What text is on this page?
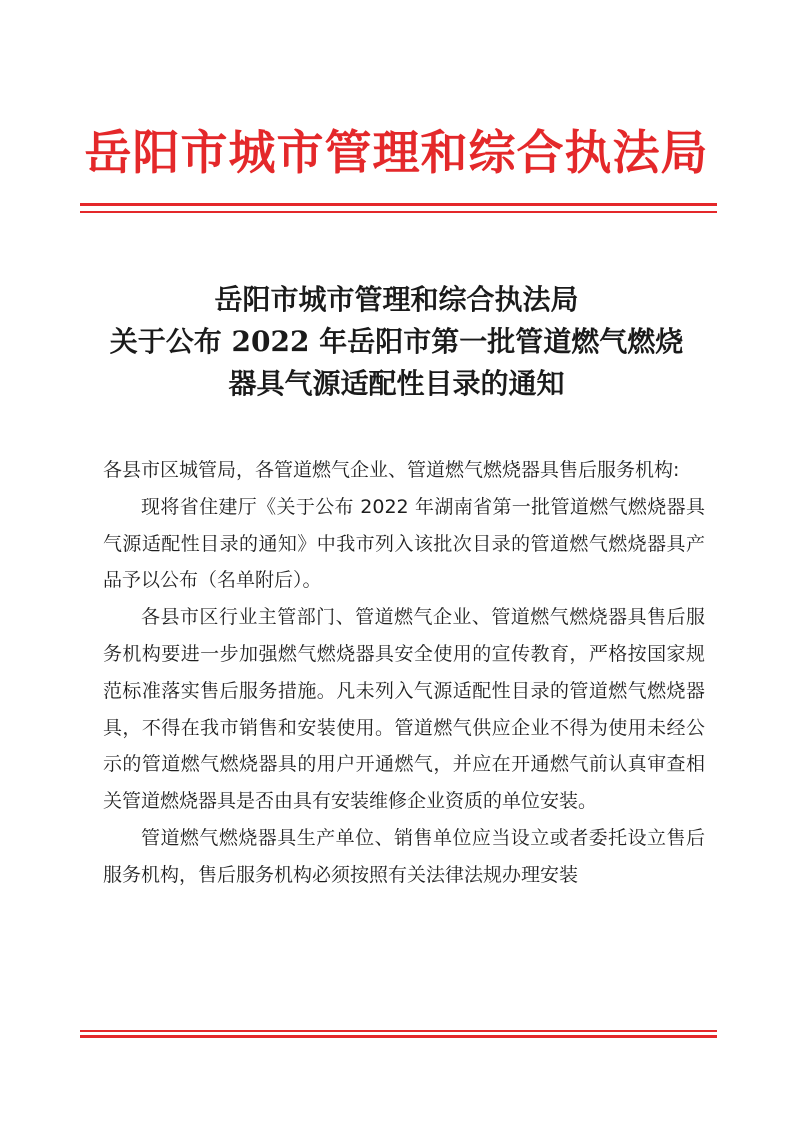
岳阳市城市管理和综合执法局
岳阳市城市管理和综合执法局
关于公布 2022 年岳阳市第一批管道燃气燃烧
器具气源适配性目录的通知

各县市区城管局，各管道燃气企业、管道燃气燃烧器具售后服务机构:

现将省住建厅《关于公布 2022 年湖南省第一批管道燃气燃烧器具气源适配性目录的通知》中我市列入该批次目录的管道燃气燃烧器具产品予以公布（名单附后）。

各县市区行业主管部门、管道燃气企业、管道燃气燃烧器具售后服务机构要进一步加强燃气燃烧器具安全使用的宣传教育，严格按国家规范标准落实售后服务措施。凡未列入气源适配性目录的管道燃气燃烧器具，不得在我市销售和安装使用。管道燃气供应企业不得为使用未经公示的管道燃气燃烧器具的用户开通燃气，并应在开通燃气前认真审查相关管道燃烧器具是否由具有安装维修企业资质的单位安装。

管道燃气燃烧器具生产单位、销售单位应当设立或者委托设立售后服务机构，售后服务机构必须按照有关法律法规办理安装
